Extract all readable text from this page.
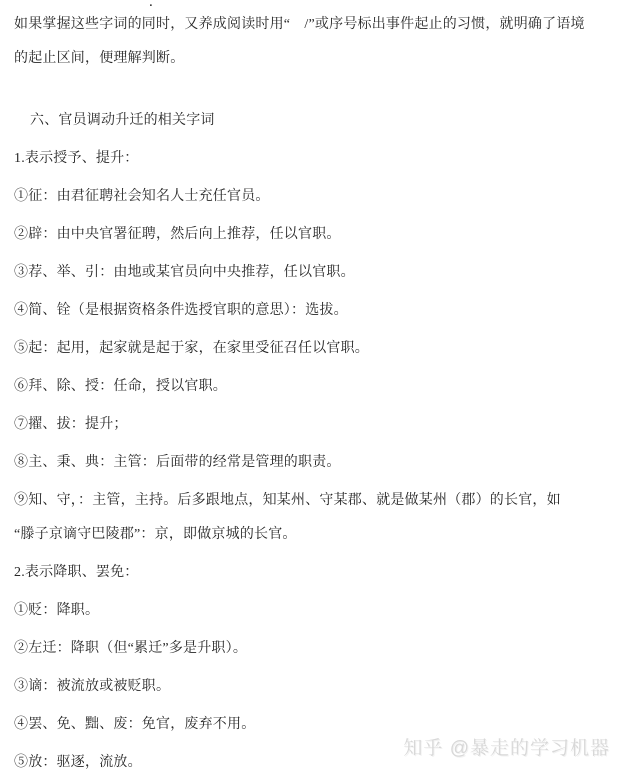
.

如果掌握这些字词的同时，又养成阅读时用“　/”或序号标出事件起止的习惯，就明确了语境的起止区间，便理解判断。

六、官员调动升迁的相关字词

1.表示授予、提升：

①征：由君征聘社会知名人士充任官员。

②辟：由中央官署征聘，然后向上推荐，任以官职。

③荐、举、引：由地或某官员向中央推荐，任以官职。

④简、铨（是根据资格条件选授官职的意思）：选拔。

⑤起：起用，起家就是起于家，在家里受征召任以官职。

⑥拜、除、授：任命，授以官职。

⑦擢、拔：提升；

⑧主、秉、典：主管：后面带的经常是管理的职责。

⑨知、守，：主管，主持。后多跟地点，知某州、守某郡、就是做某州（郡）的长官，如　　“滕子京谪守巴陵郡”：京，即做京城的长官。

2.表示降职、罢免：

①贬：降职。

②左迁：降职（但“累迁”多是升职）。

③谪：被流放或被贬职。

④罢、免、黜、废：免官，废弃不用。

⑤放：驱逐，流放。

知乎 @暴走的学习机器
